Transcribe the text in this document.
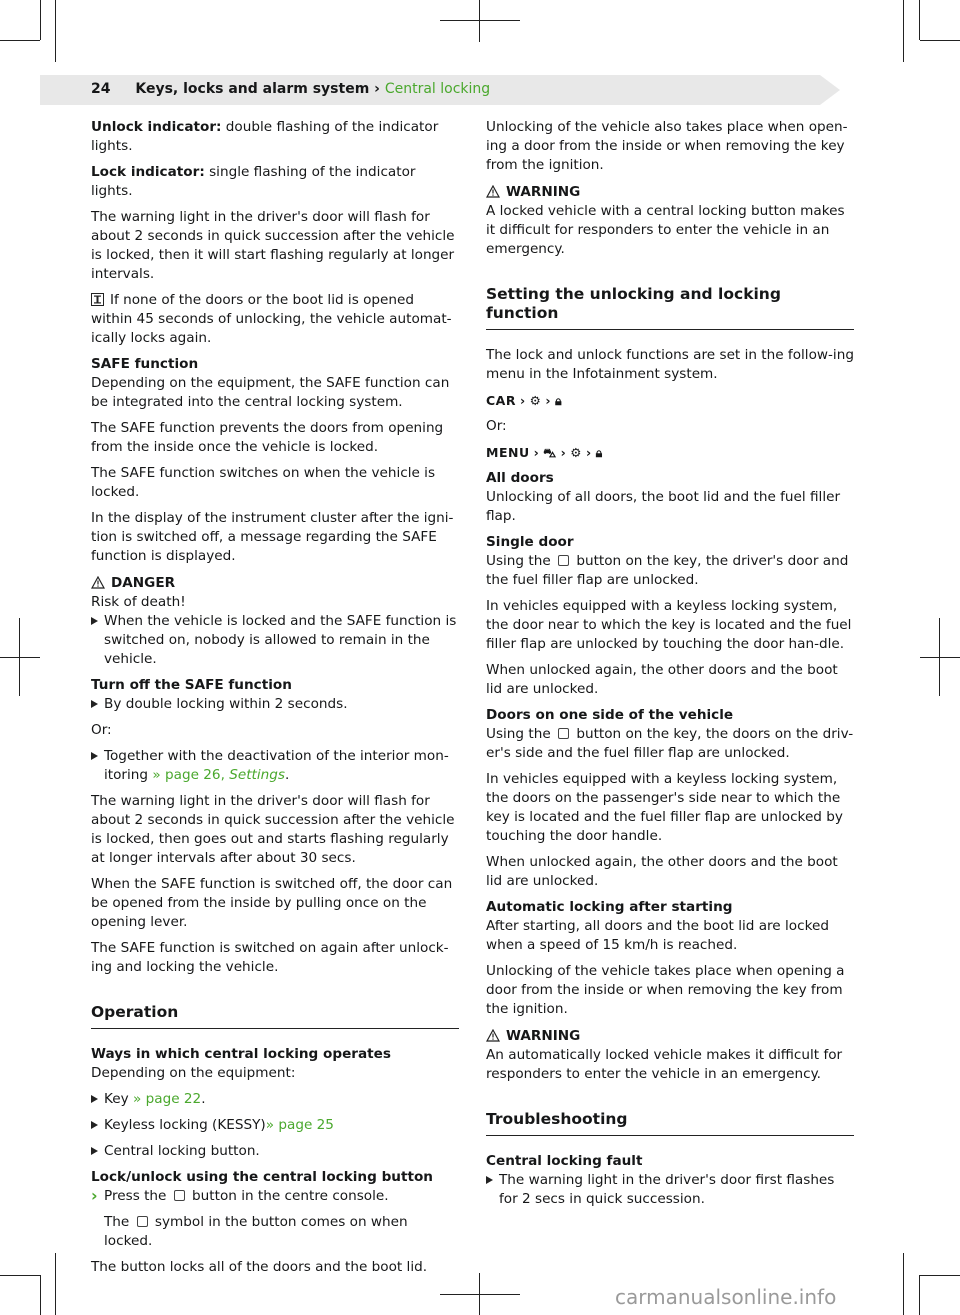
24 Keys, locks and alarm system › Central locking

Unlock indicator: double flashing of the indicator lights.

Lock indicator: single flashing of the indicator lights.

The warning light in the driver's door will flash for about 2 seconds in quick succession after the vehicle is locked, then it will start flashing regularly at longer intervals.

If none of the doors or the boot lid is opened within 45 seconds of unlocking, the vehicle automat-ically locks again.

SAFE function
Depending on the equipment, the SAFE function can be integrated into the central locking system.

The SAFE function prevents the doors from opening from the inside once the vehicle is locked.

The SAFE function switches on when the vehicle is locked.

In the display of the instrument cluster after the igni-tion is switched off, a message regarding the SAFE function is displayed.

DANGER

Risk of death!

When the vehicle is locked and the SAFE function is switched on, nobody is allowed to remain in the vehicle.

Turn off the SAFE function

By double locking within 2 seconds.

Or:

Together with the deactivation of the interior mon-itoring » page 26, Settings.

The warning light in the driver's door will flash for about 2 seconds in quick succession after the vehicle is locked, then goes out and starts flashing regularly at longer intervals after about 30 secs.

When the SAFE function is switched off, the door can be opened from the inside by pulling once on the opening lever.

The SAFE function is switched on again after unlock-ing and locking the vehicle.

Operation

Ways in which central locking operates

Depending on the equipment:

Key » page 22.

Keyless locking (KESSY)» page 25

Central locking button.

Lock/unlock using the central locking button

› Press the  button in the centre console.

The  symbol in the button comes on when locked.

The button locks all of the doors and the boot lid.

Unlocking of the vehicle also takes place when open-ing a door from the inside or when removing the key from the ignition.

WARNING

A locked vehicle with a central locking button makes it difficult for responders to enter the vehicle in an emergency.

Setting the unlocking and locking function

The lock and unlock functions are set in the follow-ing menu in the Infotainment system.

CAR › ⚙ › 🔒︎

Or:

MENU › ⛍ › ⚙ › 🔒︎

All doors
Unlocking of all doors, the boot lid and the fuel filler flap.

Single door
Using the  button on the key, the driver's door and the fuel filler flap are unlocked.

In vehicles equipped with a keyless locking system, the door near to which the key is located and the fuel filler flap are unlocked by touching the door han-dle.

When unlocked again, the other doors and the boot lid are unlocked.

Doors on one side of the vehicle
Using the  button on the key, the doors on the driv-er's side and the fuel filler flap are unlocked.

In vehicles equipped with a keyless locking system, the doors on the passenger's side near to which the key is located and the fuel filler flap are unlocked by touching the door handle.

When unlocked again, the other doors and the boot lid are unlocked.

Automatic locking after starting
After starting, all doors and the boot lid are locked when a speed of 15 km/h is reached.

Unlocking of the vehicle takes place when opening a door from the inside or when removing the key from the ignition.

WARNING

An automatically locked vehicle makes it difficult for responders to enter the vehicle in an emergency.

Troubleshooting

Central locking fault

The warning light in the driver's door first flashes for 2 secs in quick succession.

carmanualsonline.info
